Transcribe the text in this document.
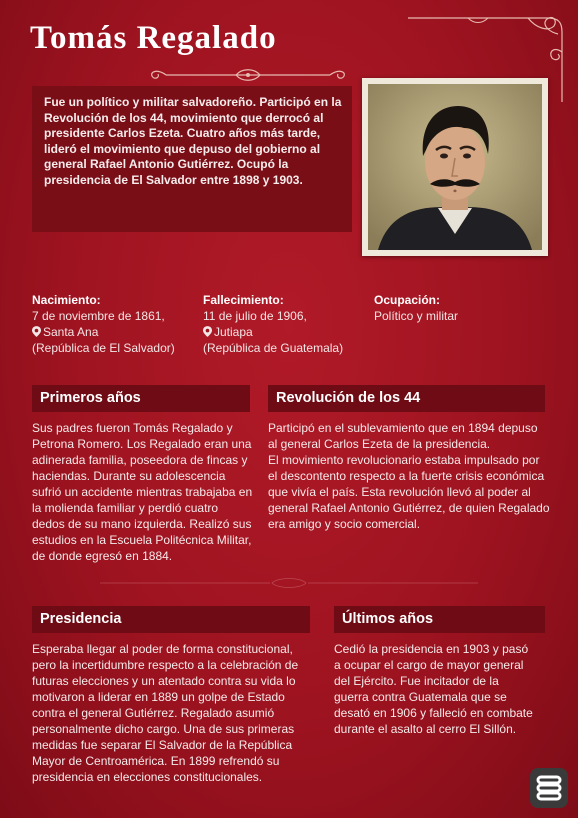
Tomás Regalado
Fue un político y militar salvadoreño. Participó en la Revolución de los 44, movimiento que derrocó al presidente Carlos Ezeta. Cuatro años más tarde, lideró el movimiento que depuso del gobierno al general Rafael Antonio Gutiérrez. Ocupó la presidencia de El Salvador entre 1898 y 1903.
Nacimiento:
7 de noviembre de 1861,
Santa Ana
(República de El Salvador)
Fallecimiento:
11 de julio de 1906,
Jutiapa
(República de Guatemala)
Ocupación:
Político y militar
Primeros años

Sus padres fueron Tomás Regalado y Petrona Romero. Los Regalado eran una adinerada familia, poseedora de fincas y haciendas. Durante su adolescencia sufrió un accidente mientras trabajaba en la molienda familiar y perdió cuatro dedos de su mano izquierda. Realizó sus estudios en la Escuela Politécnica Militar, de donde egresó en 1884.

Revolución de los 44

Participó en el sublevamiento que en 1894 depuso al general Carlos Ezeta de la presidencia.

El movimiento revolucionario estaba impulsado por el descontento respecto a la fuerte crisis económica que vivía el país. Esta revolución llevó al poder al general Rafael Antonio Gutiérrez, de quien Regalado era amigo y socio comercial.

Presidencia

Esperaba llegar al poder de forma constitucional, pero la incertidumbre respecto a la celebración de futuras elecciones y un atentado contra su vida lo motivaron a liderar en 1889 un golpe de Estado contra el general Gutiérrez. Regalado asumió personalmente dicho cargo. Una de sus primeras medidas fue separar El Salvador de la República Mayor de Centroamérica. En 1899 refrendó su presidencia en elecciones constitucionales.

Últimos años

Cedió la presidencia en 1903 y pasó a ocupar el cargo de mayor general del Ejército. Fue incitador de la guerra contra Guatemala que se desató en 1906 y falleció en combate durante el asalto al cerro El Sillón.
